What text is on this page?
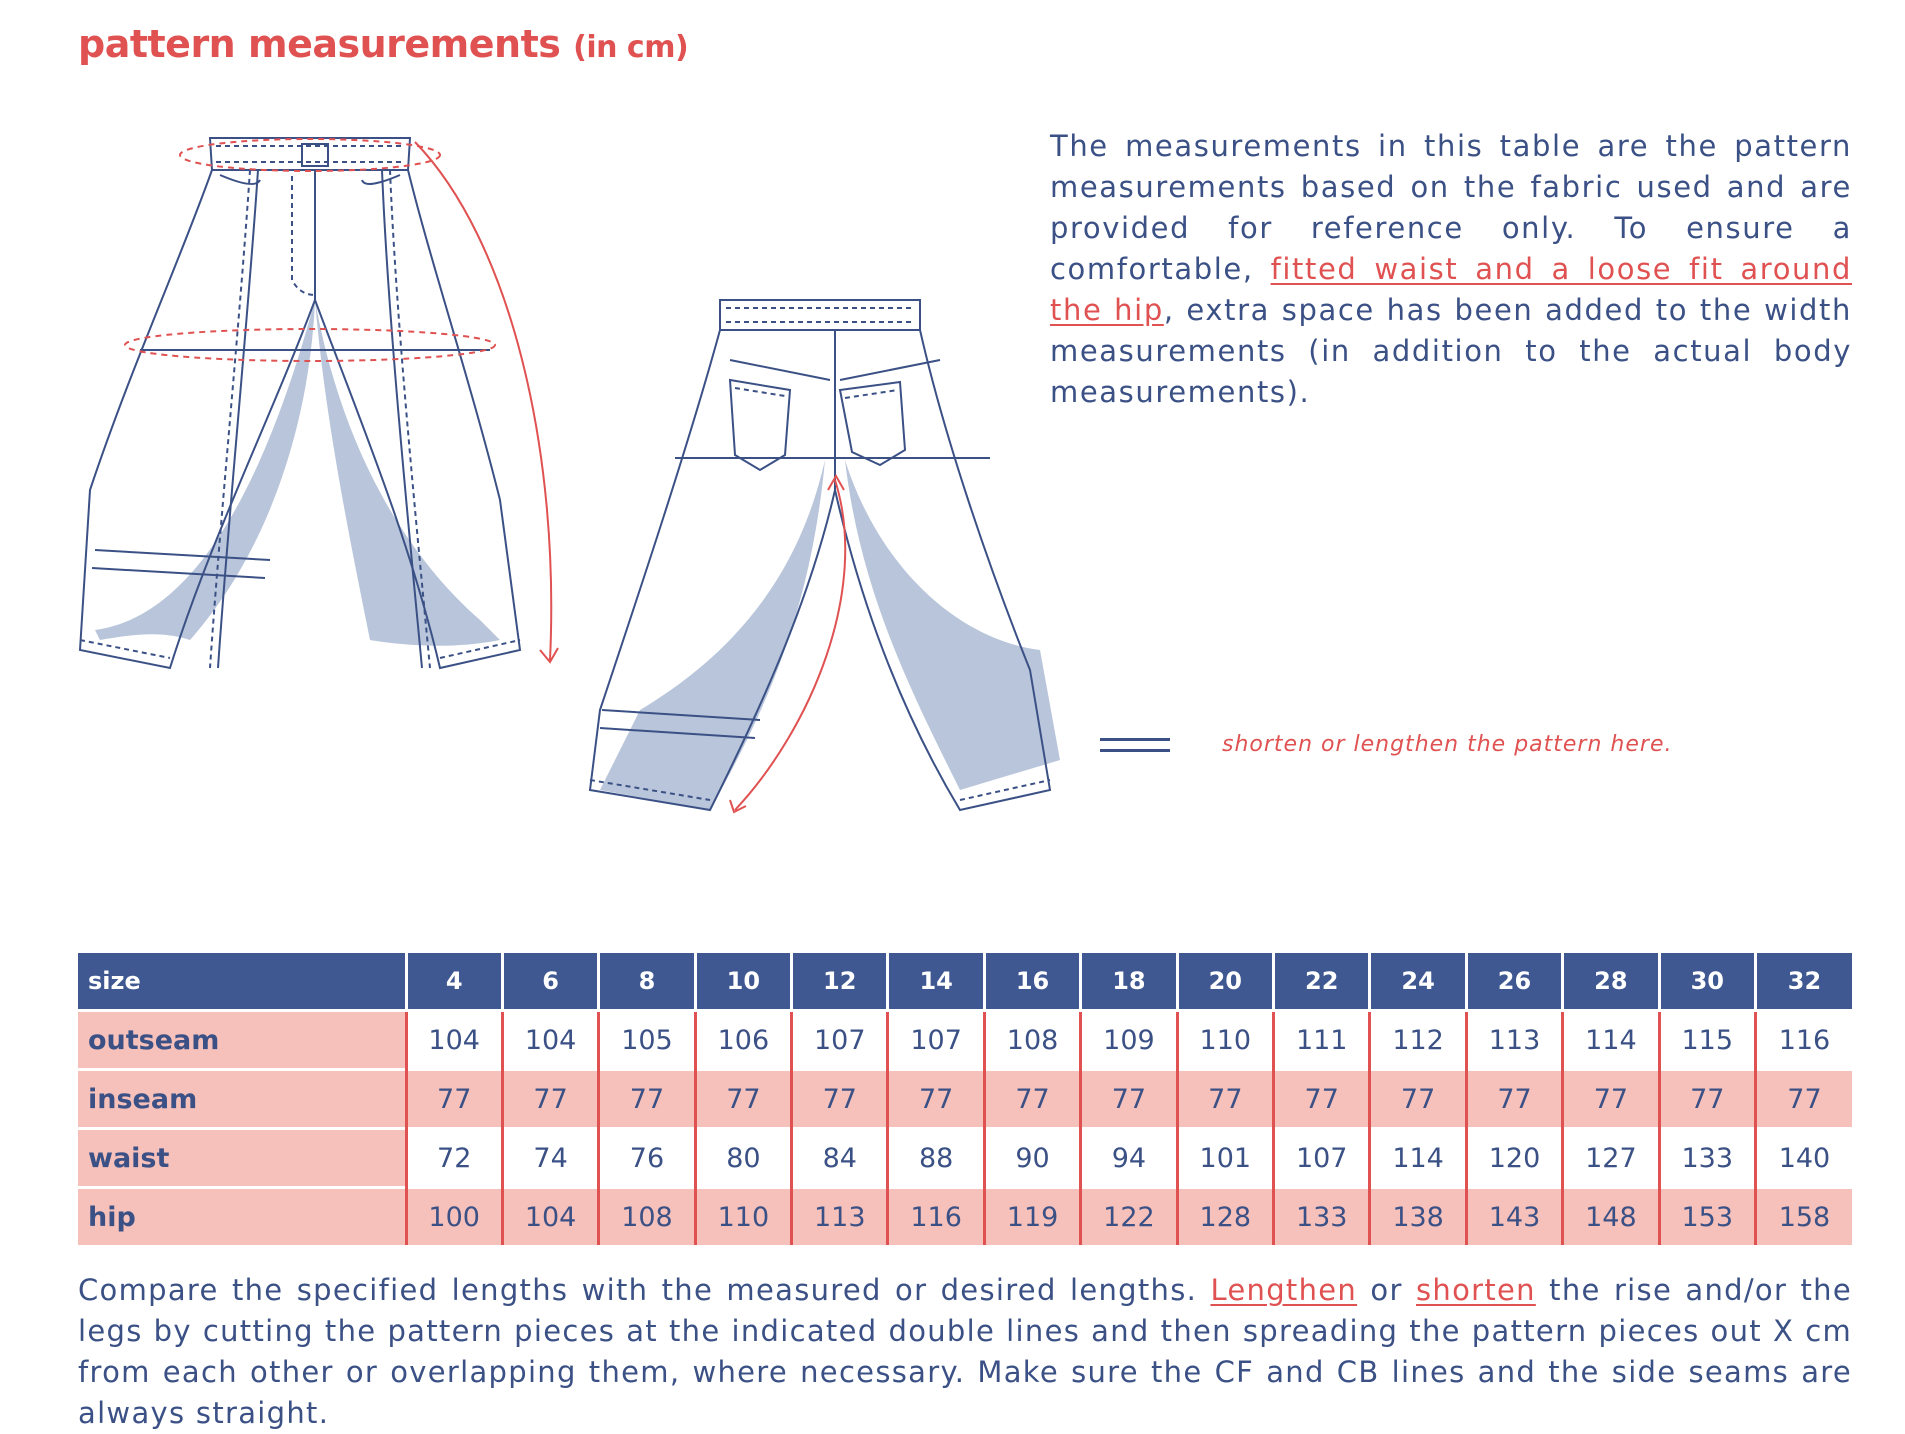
pattern measurements (in cm)
The measurements in this table are the pattern measurements based on the fabric used and are provided for reference only. To ensure a comfortable, fitted waist and a loose fit around the hip, extra space has been added to the width measurements (in addition to the actual body measurements).
shorten or lengthen the pattern here.
size	4	6	8	10	12	14	16	18	20	22	24	26	28	30	32
outseam	104	104	105	106	107	107	108	109	110	111	112	113	114	115	116
inseam	77	77	77	77	77	77	77	77	77	77	77	77	77	77	77
waist	72	74	76	80	84	88	90	94	101	107	114	120	127	133	140
hip	100	104	108	110	113	116	119	122	128	133	138	143	148	153	158
Compare the specified lengths with the measured or desired lengths. Lengthen or shorten the rise and/or the legs by cutting the pattern pieces at the indicated double lines and then spreading the pattern pieces out X cm from each other or overlapping them, where necessary. Make sure the CF and CB lines and the side seams are always straight.
